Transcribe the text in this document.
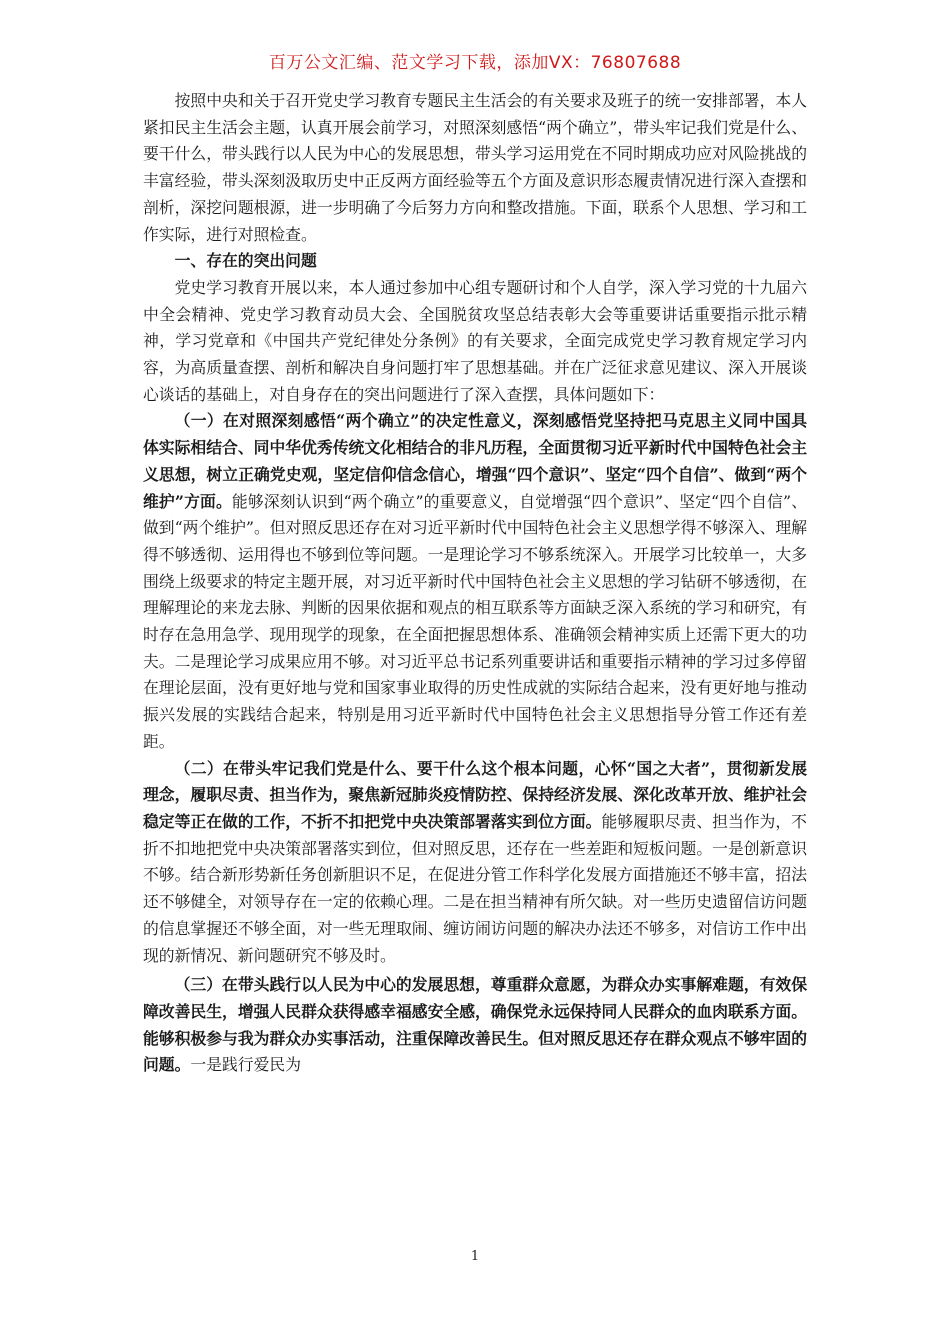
百万公文汇编、范文学习下载，添加VX：76807688

按照中央和关于召开党史学习教育专题民主生活会的有关要求及班子的统一安排部署，本人紧扣民主生活会主题，认真开展会前学习，对照深刻感悟“两个确立”，带头牢记我们党是什么、要干什么，带头践行以人民为中心的发展思想，带头学习运用党在不同时期成功应对风险挑战的丰富经验，带头深刻汲取历史中正反两方面经验等五个方面及意识形态履责情况进行深入查摆和剖析，深挖问题根源，进一步明确了今后努力方向和整改措施。下面，联系个人思想、学习和工作实际，进行对照检查。

一、存在的突出问题

党史学习教育开展以来，本人通过参加中心组专题研讨和个人自学，深入学习党的十九届六中全会精神、党史学习教育动员大会、全国脱贫攻坚总结表彰大会等重要讲话重要指示批示精神，学习党章和《中国共产党纪律处分条例》的有关要求，全面完成党史学习教育规定学习内容，为高质量查摆、剖析和解决自身问题打牢了思想基础。并在广泛征求意见建议、深入开展谈心谈话的基础上，对自身存在的突出问题进行了深入查摆，具体问题如下：

（一）在对照深刻感悟“两个确立”的决定性意义，深刻感悟党坚持把马克思主义同中国具体实际相结合、同中华优秀传统文化相结合的非凡历程，全面贯彻习近平新时代中国特色社会主义思想，树立正确党史观，坚定信仰信念信心，增强“四个意识”、坚定“四个自信”、做到“两个维护”方面。能够深刻认识到“两个确立”的重要意义，自觉增强“四个意识”、坚定“四个自信”、做到“两个维护”。但对照反思还存在对习近平新时代中国特色社会主义思想学得不够深入、理解得不够透彻、运用得也不够到位等问题。一是理论学习不够系统深入。开展学习比较单一，大多围绕上级要求的特定主题开展，对习近平新时代中国特色社会主义思想的学习钻研不够透彻，在理解理论的来龙去脉、判断的因果依据和观点的相互联系等方面缺乏深入系统的学习和研究，有时存在急用急学、现用现学的现象，在全面把握思想体系、准确领会精神实质上还需下更大的功夫。二是理论学习成果应用不够。对习近平总书记系列重要讲话和重要指示精神的学习过多停留在理论层面，没有更好地与党和国家事业取得的历史性成就的实际结合起来，没有更好地与推动振兴发展的实践结合起来，特别是用习近平新时代中国特色社会主义思想指导分管工作还有差距。

（二）在带头牢记我们党是什么、要干什么这个根本问题，心怀“国之大者”，贯彻新发展理念，履职尽责、担当作为，聚焦新冠肺炎疫情防控、保持经济发展、深化改革开放、维护社会稳定等正在做的工作，不折不扣把党中央决策部署落实到位方面。能够履职尽责、担当作为，不折不扣地把党中央决策部署落实到位，但对照反思，还存在一些差距和短板问题。一是创新意识不够。结合新形势新任务创新胆识不足，在促进分管工作科学化发展方面措施还不够丰富，招法还不够健全，对领导存在一定的依赖心理。二是在担当精神有所欠缺。对一些历史遗留信访问题的信息掌握还不够全面，对一些无理取闹、缠访闹访问题的解决办法还不够多，对信访工作中出现的新情况、新问题研究不够及时。

（三）在带头践行以人民为中心的发展思想，尊重群众意愿，为群众办实事解难题，有效保障改善民生，增强人民群众获得感幸福感安全感，确保党永远保持同人民群众的血肉联系方面。能够积极参与我为群众办实事活动，注重保障改善民生。但对照反思还存在群众观点不够牢固的问题。一是践行爱民为

1
